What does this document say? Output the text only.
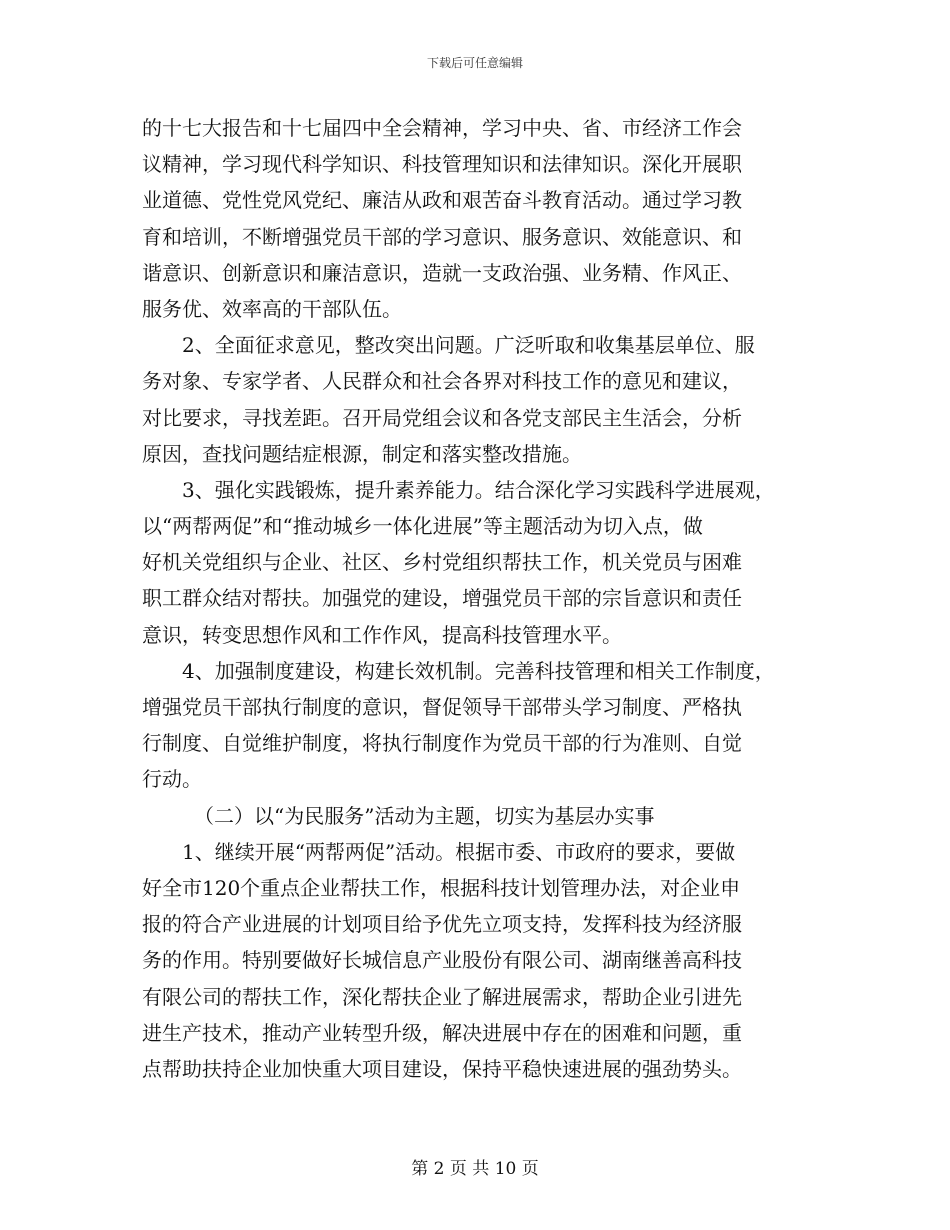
下载后可任意编辑
的十七大报告和十七届四中全会精神，学习中央、省、市经济工作会
议精神，学习现代科学知识、科技管理知识和法律知识。深化开展职
业道德、党性党风党纪、廉洁从政和艰苦奋斗教育活动。通过学习教
育和培训，不断增强党员干部的学习意识、服务意识、效能意识、和
谐意识、创新意识和廉洁意识，造就一支政治强、业务精、作风正、
服务优、效率高的干部队伍。
2、全面征求意见，整改突出问题。广泛听取和收集基层单位、服
务对象、专家学者、人民群众和社会各界对科技工作的意见和建议，
对比要求，寻找差距。召开局党组会议和各党支部民主生活会，分析
原因，查找问题结症根源，制定和落实整改措施。
3、强化实践锻炼，提升素养能力。结合深化学习实践科学进展观，
以“两帮两促”和“推动城乡一体化进展”等主题活动为切入点，做
好机关党组织与企业、社区、乡村党组织帮扶工作，机关党员与困难
职工群众结对帮扶。加强党的建设，增强党员干部的宗旨意识和责任
意识，转变思想作风和工作作风，提高科技管理水平。
4、加强制度建设，构建长效机制。完善科技管理和相关工作制度，
增强党员干部执行制度的意识，督促领导干部带头学习制度、严格执
行制度、自觉维护制度，将执行制度作为党员干部的行为准则、自觉
行动。
（二）以“为民服务”活动为主题，切实为基层办实事
1、继续开展“两帮两促”活动。根据市委、市政府的要求，要做
好全市120个重点企业帮扶工作，根据科技计划管理办法，对企业申
报的符合产业进展的计划项目给予优先立项支持，发挥科技为经济服
务的作用。特别要做好长城信息产业股份有限公司、湖南继善高科技
有限公司的帮扶工作，深化帮扶企业了解进展需求，帮助企业引进先
进生产技术，推动产业转型升级，解决进展中存在的困难和问题，重
点帮助扶持企业加快重大项目建设，保持平稳快速进展的强劲势头。
第 2 页 共 10 页
